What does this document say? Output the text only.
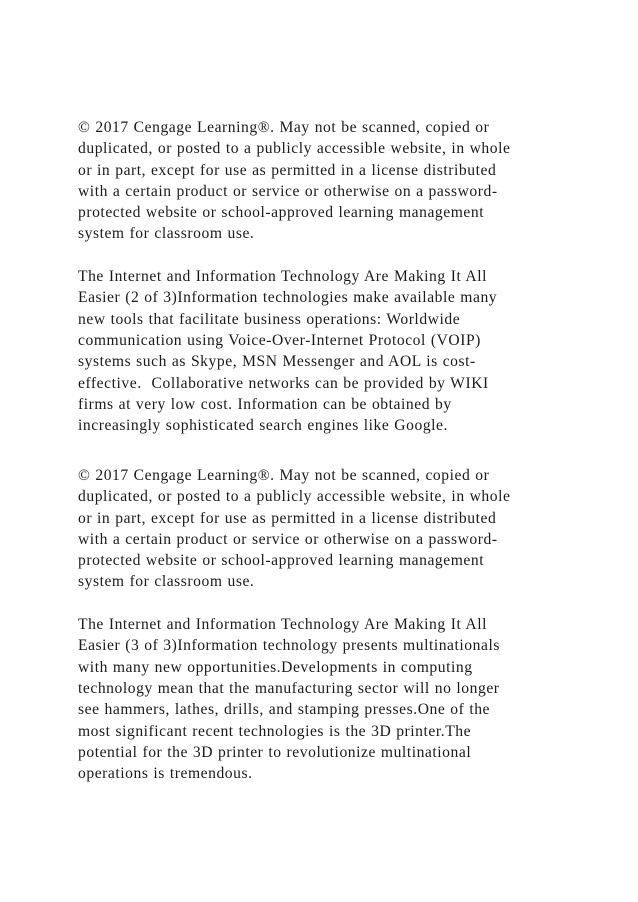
© 2017 Cengage Learning®. May not be scanned, copied or
duplicated, or posted to a publicly accessible website, in whole
or in part, except for use as permitted in a license distributed
with a certain product or service or otherwise on a password-
protected website or school-approved learning management
system for classroom use.
The Internet and Information Technology Are Making It All
Easier (2 of 3)Information technologies make available many
new tools that facilitate business operations: Worldwide
communication using Voice-Over-Internet Protocol (VOIP)
systems such as Skype, MSN Messenger and AOL is cost-
effective.  Collaborative networks can be provided by WIKI
firms at very low cost. Information can be obtained by
increasingly sophisticated search engines like Google.
© 2017 Cengage Learning®. May not be scanned, copied or
duplicated, or posted to a publicly accessible website, in whole
or in part, except for use as permitted in a license distributed
with a certain product or service or otherwise on a password-
protected website or school-approved learning management
system for classroom use.
The Internet and Information Technology Are Making It All
Easier (3 of 3)Information technology presents multinationals
with many new opportunities.Developments in computing
technology mean that the manufacturing sector will no longer
see hammers, lathes, drills, and stamping presses.One of the
most significant recent technologies is the 3D printer.The
potential for the 3D printer to revolutionize multinational
operations is tremendous.
